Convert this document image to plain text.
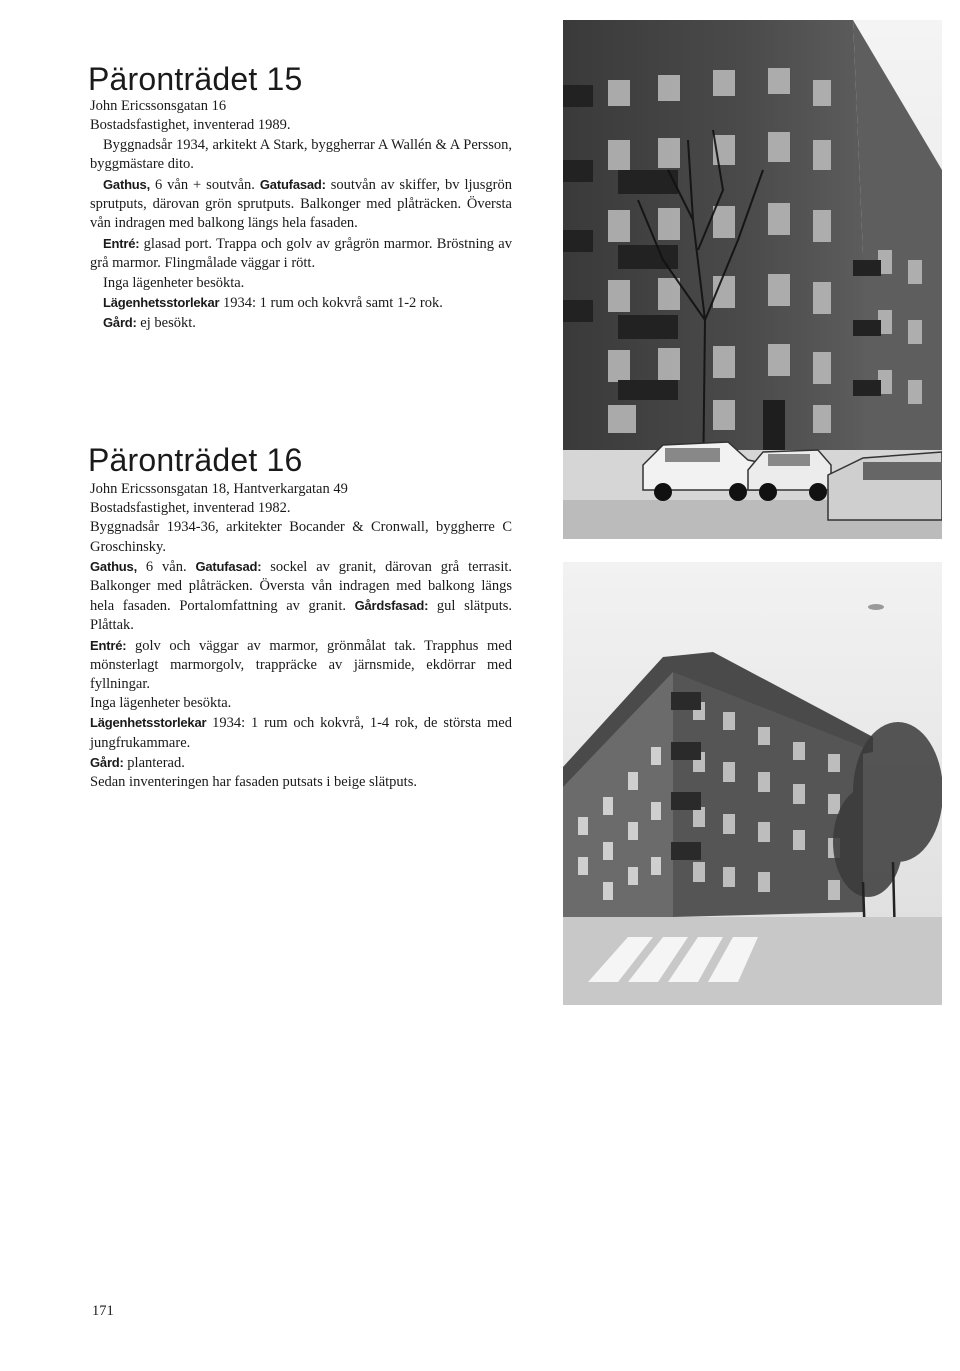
Päronträdet 15

John Ericssonsgatan 16

Bostadsfastighet, inventerad 1989.

Byggnadsår 1934, arkitekt A Stark, byggherrar A Wallén & A Persson, byggmästare dito.

Gathus, 6 vån + soutvån. Gatufasad: soutvån av skiffer, bv ljusgrön sprutputs, därovan grön sprutputs. Balkonger med plåträcken. Översta vån indragen med balkong längs hela fasaden.

Entré: glasad port. Trappa och golv av grågrön marmor. Bröstning av grå marmor. Flingmålade väggar i rött.

Inga lägenheter besökta.

Lägenhetsstorlekar 1934: 1 rum och kokvrå samt 1-2 rok.

Gård: ej besökt.

Päronträdet 16

John Ericssonsgatan 18, Hantverkargatan 49

Bostadsfastighet, inventerad 1982.

Byggnadsår 1934-36, arkitekter Bocander & Cronwall, byggherre C Groschinsky.

Gathus, 6 vån. Gatufasad: sockel av granit, därovan grå terrasit. Balkonger med plåträcken. Översta vån indragen med balkong längs hela fasaden. Portalomfattning av granit. Gårdsfasad: gul slätputs. Plåttak.

Entré: golv och väggar av marmor, grönmålat tak. Trapphus med mönsterlagt marmorgolv, trappräcke av järnsmide, ekdörrar med fyllningar.

Inga lägenheter besökta.

Lägenhetsstorlekar 1934: 1 rum och kokvrå, 1-4 rok, de största med jungfrukammare.

Gård: planterad.

Sedan inventeringen har fasaden putsats i beige slätputs.

171
